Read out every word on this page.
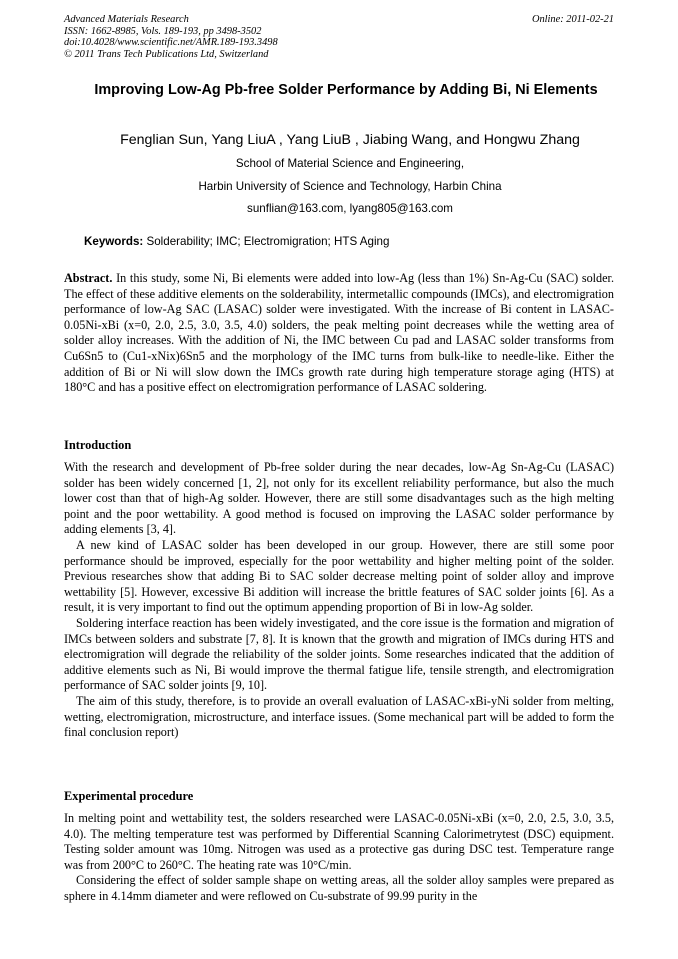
Advanced Materials Research
ISSN: 1662-8985, Vols. 189-193, pp 3498-3502
doi:10.4028/www.scientific.net/AMR.189-193.3498
© 2011 Trans Tech Publications Ltd, Switzerland
Online: 2011-02-21
Improving Low-Ag Pb-free Solder Performance by Adding Bi, Ni Elements
Fenglian Sun, Yang LiuA , Yang LiuB , Jiabing Wang, and Hongwu Zhang
School of Material Science and Engineering,
Harbin University of Science and Technology, Harbin China
sunflian@163.com, lyang805@163.com
Keywords: Solderability; IMC; Electromigration; HTS Aging

Abstract. In this study, some Ni, Bi elements were added into low-Ag (less than 1%) Sn-Ag-Cu (SAC) solder. The effect of these additive elements on the solderability, intermetallic compounds (IMCs), and electromigration performance of low-Ag SAC (LASAC) solder were investigated. With the increase of Bi content in LASAC-0.05Ni-xBi (x=0, 2.0, 2.5, 3.0, 3.5, 4.0) solders, the peak melting point decreases while the wetting area of solder alloy increases. With the addition of Ni, the IMC between Cu pad and LASAC solder transforms from Cu6Sn5 to (Cu1-xNix)6Sn5 and the morphology of the IMC turns from bulk-like to needle-like. Either the addition of Bi or Ni will slow down the IMCs growth rate during high temperature storage aging (HTS) at 180°C and has a positive effect on electromigration performance of LASAC soldering.

Introduction

With the research and development of Pb-free solder during the near decades, low-Ag Sn-Ag-Cu (LASAC) solder has been widely concerned [1, 2], not only for its excellent reliability performance, but also the much lower cost than that of high-Ag solder. However, there are still some disadvantages such as the high melting point and the poor wettability. A good method is focused on improving the LASAC solder performance by adding elements [3, 4].

A new kind of LASAC solder has been developed in our group. However, there are still some poor performance should be improved, especially for the poor wettability and higher melting point of the solder. Previous researches show that adding Bi to SAC solder decrease melting point of solder alloy and improve wettability [5]. However, excessive Bi addition will increase the brittle features of SAC solder joints [6]. As a result, it is very important to find out the optimum appending proportion of Bi in low-Ag solder.

Soldering interface reaction has been widely investigated, and the core issue is the formation and migration of IMCs between solders and substrate [7, 8]. It is known that the growth and migration of IMCs during HTS and electromigration will degrade the reliability of the solder joints. Some researches indicated that the addition of additive elements such as Ni, Bi would improve the thermal fatigue life, tensile strength, and electromigration performance of SAC solder joints [9, 10].

The aim of this study, therefore, is to provide an overall evaluation of LASAC-xBi-yNi solder from melting, wetting, electromigration, microstructure, and interface issues. (Some mechanical part will be added to form the final conclusion report)

Experimental procedure

In melting point and wettability test, the solders researched were LASAC-0.05Ni-xBi (x=0, 2.0, 2.5, 3.0, 3.5, 4.0). The melting temperature test was performed by Differential Scanning Calorimetrytest (DSC) equipment. Testing solder amount was 10mg. Nitrogen was used as a protective gas during DSC test. Temperature range was from 200°C to 260°C. The heating rate was 10°C/min.

Considering the effect of solder sample shape on wetting areas, all the solder alloy samples were prepared as sphere in 4.14mm diameter and were reflowed on Cu-substrate of 99.99 purity in the
